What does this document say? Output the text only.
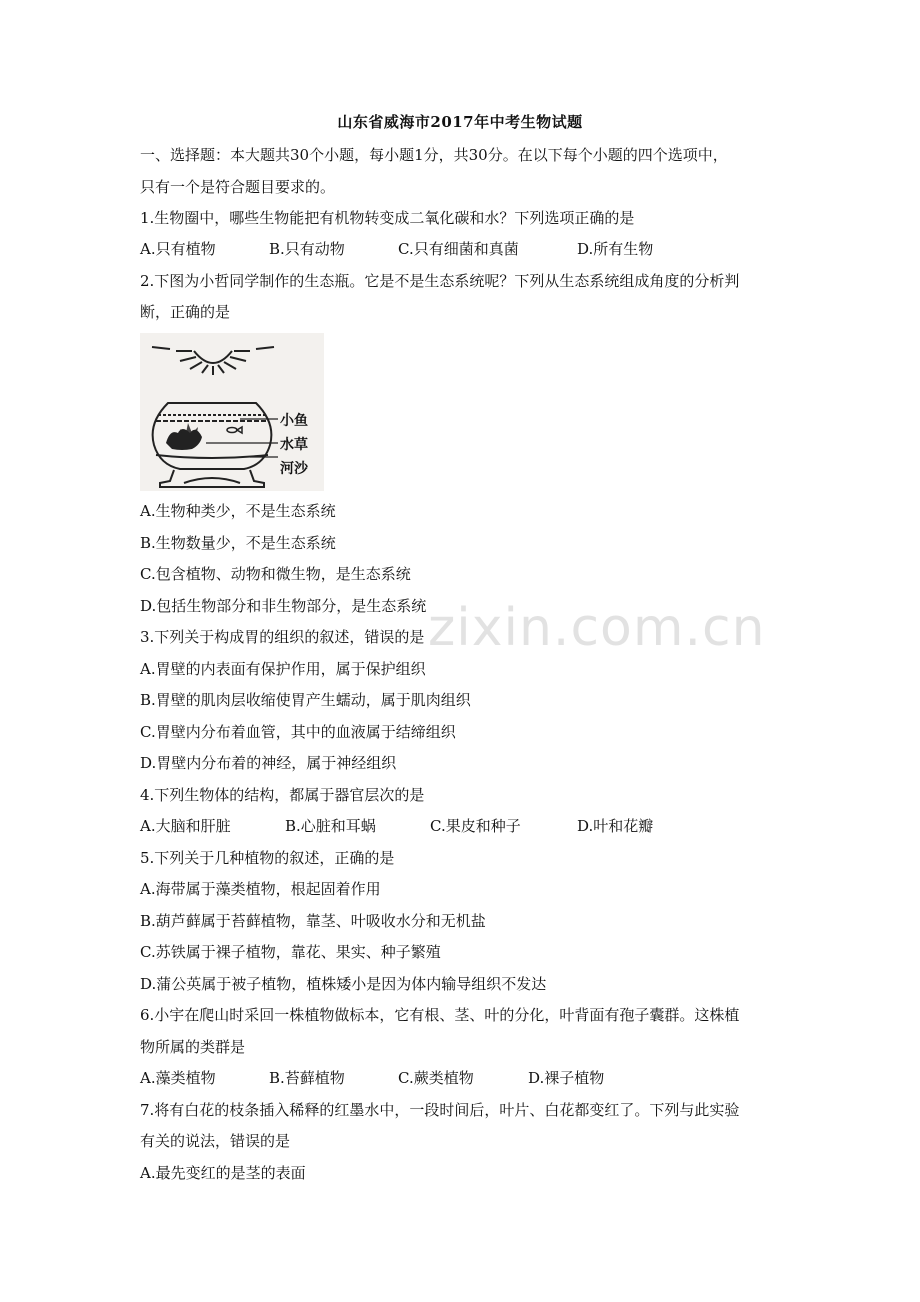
山东省威海市2017年中考生物试题
一、选择题：本大题共30个小题，每小题1分，共30分。在以下每个小题的四个选项中，
只有一个是符合题目要求的。
1.生物圈中，哪些生物能把有机物转变成二氧化碳和水？下列选项正确的是
A.只有植物	B.只有动物	C.只有细菌和真菌	D.所有生物
2.下图为小哲同学制作的生态瓶。它是不是生态系统呢？下列从生态系统组成角度的分析判
断，正确的是
小鱼
水草
河沙
A.生物种类少，不是生态系统
B.生物数量少，不是生态系统
C.包含植物、动物和微生物，是生态系统
D.包括生物部分和非生物部分，是生态系统
3.下列关于构成胃的组织的叙述，错误的是
A.胃壁的内表面有保护作用，属于保护组织
B.胃壁的肌肉层收缩使胃产生蠕动，属于肌肉组织
C.胃壁内分布着血管，其中的血液属于结缔组织
D.胃壁内分布着的神经，属于神经组织
4.下列生物体的结构，都属于器官层次的是
A.大脑和肝脏	B.心脏和耳蜗	C.果皮和种子	D.叶和花瓣
5.下列关于几种植物的叙述，正确的是
A.海带属于藻类植物，根起固着作用
B.葫芦藓属于苔藓植物，靠茎、叶吸收水分和无机盐
C.苏铁属于裸子植物，靠花、果实、种子繁殖
D.蒲公英属于被子植物，植株矮小是因为体内输导组织不发达
6.小宇在爬山时采回一株植物做标本，它有根、茎、叶的分化，叶背面有孢子囊群。这株植
物所属的类群是
A.藻类植物	B.苔藓植物	C.蕨类植物	D.裸子植物
7.将有白花的枝条插入稀释的红墨水中，一段时间后，叶片、白花都变红了。下列与此实验
有关的说法，错误的是
A.最先变红的是茎的表面
zixin.com.cn
